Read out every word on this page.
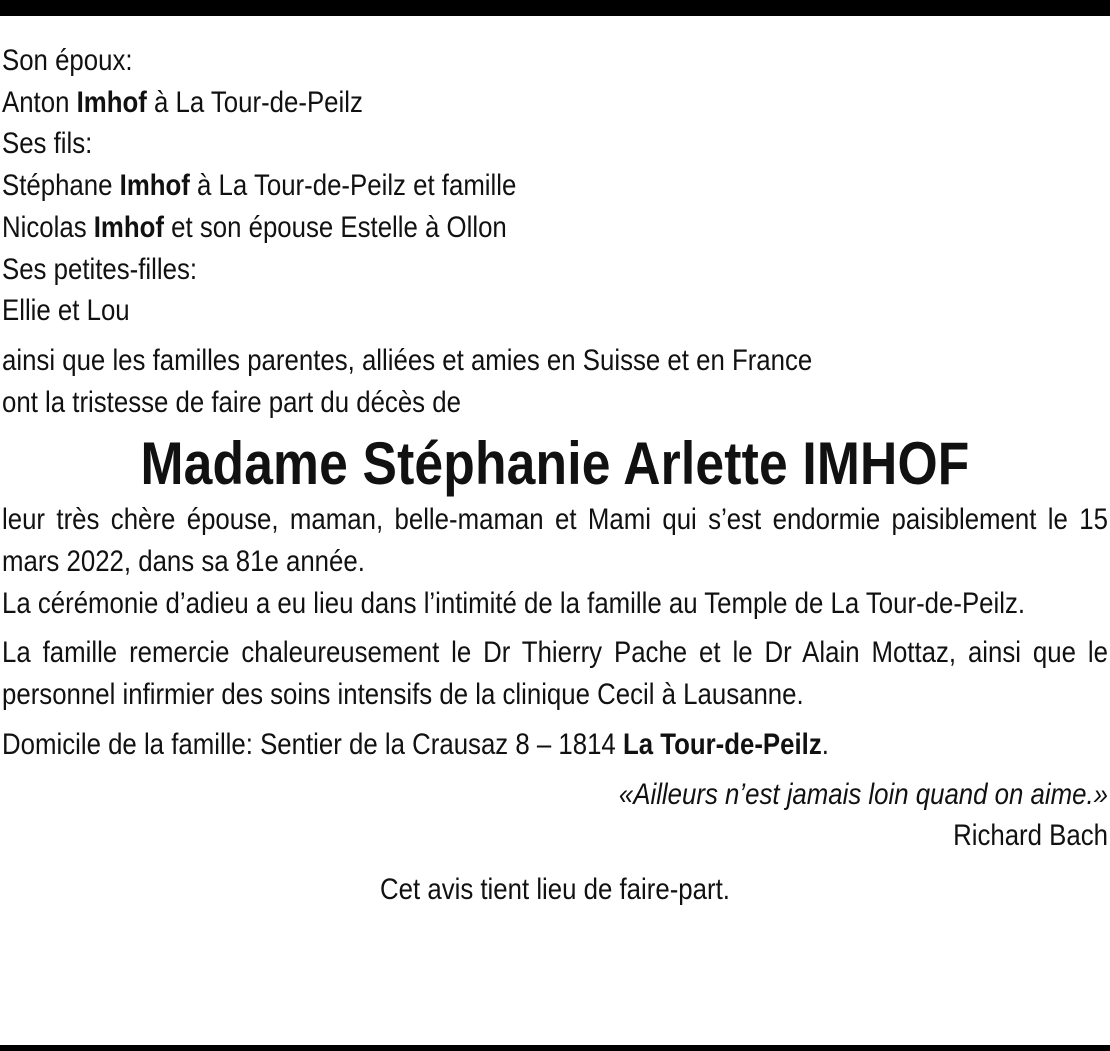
Son époux:
Anton Imhof à La Tour-de-Peilz
Ses fils:
Stéphane Imhof à La Tour-de-Peilz et famille
Nicolas Imhof et son épouse Estelle à Ollon
Ses petites-filles:
Ellie et Lou
ainsi que les familles parentes, alliées et amies en Suisse et en France
ont la tristesse de faire part du décès de
Madame Stéphanie Arlette IMHOF
leur très chère épouse, maman, belle-maman et Mami qui s’est endormie paisiblement le 15 mars 2022, dans sa 81e année.
La cérémonie d’adieu a eu lieu dans l’intimité de la famille au Temple de La Tour-de-Peilz.
La famille remercie chaleureusement le Dr Thierry Pache et le Dr Alain Mottaz, ainsi que le personnel infirmier des soins intensifs de la clinique Cecil à Lausanne.
Domicile de la famille: Sentier de la Crausaz 8 – 1814 La Tour-de-Peilz.
«Ailleurs n’est jamais loin quand on aime.»
Richard Bach
Cet avis tient lieu de faire-part.
